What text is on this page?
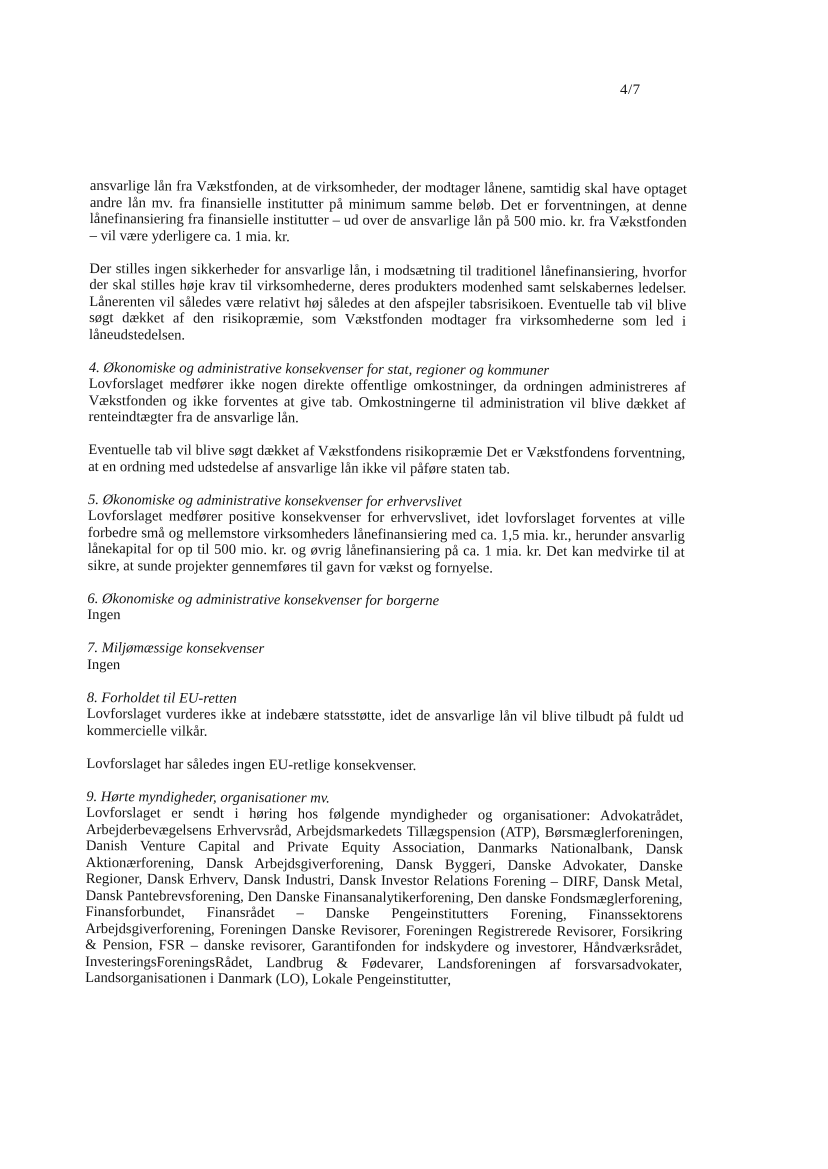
4/7

ansvarlige lån fra Vækstfonden, at de virksomheder, der modtager lånene, samtidig skal have optaget andre lån mv. fra finansielle institutter på minimum samme beløb. Det er forventningen, at denne lånefinansiering fra finansielle institutter – ud over de ansvarlige lån på 500 mio. kr. fra Vækstfonden – vil være yderligere ca. 1 mia. kr.

Der stilles ingen sikkerheder for ansvarlige lån, i modsætning til traditionel lånefinansiering, hvorfor der skal stilles høje krav til virksomhederne, deres produkters modenhed samt selskabernes ledelser. Lånerenten vil således være relativt høj således at den afspejler tabsrisikoen. Eventuelle tab vil blive søgt dækket af den risikopræmie, som Vækstfonden modtager fra virksomhederne som led i låneudstedelsen.

4. Økonomiske og administrative konsekvenser for stat, regioner og kommuner

Lovforslaget medfører ikke nogen direkte offentlige omkostninger, da ordningen administreres af Vækstfonden og ikke forventes at give tab. Omkostningerne til administration vil blive dækket af renteindtægter fra de ansvarlige lån.

Eventuelle tab vil blive søgt dækket af Vækstfondens risikopræmie Det er Vækstfondens forventning, at en ordning med udstedelse af ansvarlige lån ikke vil påføre staten tab.

5. Økonomiske og administrative konsekvenser for erhvervslivet

Lovforslaget medfører positive konsekvenser for erhvervslivet, idet lovforslaget forventes at ville forbedre små og mellemstore virksomheders lånefinansiering med ca. 1,5 mia. kr., herunder ansvarlig lånekapital for op til 500 mio. kr. og øvrig lånefinansiering på ca. 1 mia. kr. Det kan medvirke til at sikre, at sunde projekter gennemføres til gavn for vækst og fornyelse.

6. Økonomiske og administrative konsekvenser for borgerne

Ingen

7. Miljømæssige konsekvenser

Ingen

8. Forholdet til EU-retten

Lovforslaget vurderes ikke at indebære statsstøtte, idet de ansvarlige lån vil blive tilbudt på fuldt ud kommercielle vilkår.

Lovforslaget har således ingen EU-retlige konsekvenser.

9. Hørte myndigheder, organisationer mv.

Lovforslaget er sendt i høring hos følgende myndigheder og organisationer: Advokatrådet, Arbejderbevægelsens Erhvervsråd, Arbejdsmarkedets Tillægspension (ATP), Børsmæglerforeningen, Danish Venture Capital and Private Equity Association, Danmarks Nationalbank, Dansk Aktionærforening, Dansk Arbejdsgiverforening, Dansk Byggeri, Danske Advokater, Danske Regioner, Dansk Erhverv, Dansk Industri, Dansk Investor Relations Forening – DIRF, Dansk Metal, Dansk Pantebrevsforening, Den Danske Finansanalytikerforening, Den danske Fondsmæglerforening, Finansforbundet, Finansrådet – Danske Pengeinstitutters Forening, Finanssektorens Arbejdsgiverforening, Foreningen Danske Revisorer, Foreningen Registrerede Revisorer, Forsikring & Pension, FSR – danske revisorer, Garantifonden for indskydere og investorer, Håndværksrådet, InvesteringsForeningsRådet, Landbrug & Fødevarer, Landsforeningen af forsvarsadvokater, Landsorganisationen i Danmark (LO), Lokale Pengeinstitutter,
